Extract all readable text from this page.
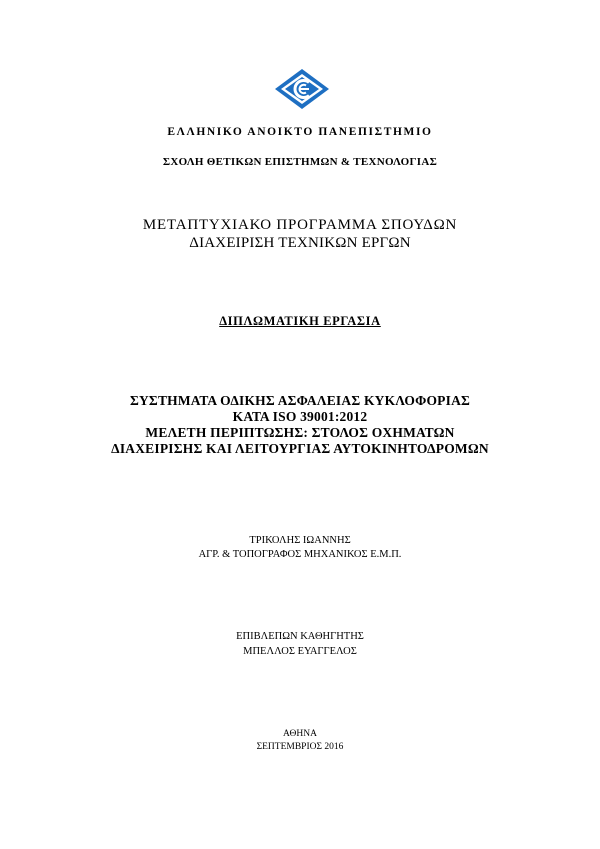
ΕΛΛΗΝΙΚΟ ΑΝΟΙΚΤΟ ΠΑΝΕΠΙΣΤΗΜΙΟ
ΣΧΟΛΗ ΘΕΤΙΚΩΝ ΕΠΙΣΤΗΜΩΝ & ΤΕΧΝΟΛΟΓΙΑΣ
ΜΕΤΑΠΤΥΧΙΑΚΟ ΠΡΟΓΡΑΜΜΑ ΣΠΟΥΔΩΝ
ΔΙΑΧΕΙΡΙΣΗ ΤΕΧΝΙΚΩΝ ΕΡΓΩΝ
ΔΙΠΛΩΜΑΤΙΚΗ ΕΡΓΑΣΙΑ
ΣΥΣΤΗΜΑΤΑ ΟΔΙΚΗΣ ΑΣΦΑΛΕΙΑΣ ΚΥΚΛΟΦΟΡΙΑΣ
ΚΑΤΑ ISO 39001:2012
ΜΕΛΕΤΗ ΠΕΡΙΠΤΩΣΗΣ: ΣΤΟΛΟΣ ΟΧΗΜΑΤΩΝ
ΔΙΑΧΕΙΡΙΣΗΣ ΚΑΙ ΛΕΙΤΟΥΡΓΙΑΣ ΑΥΤΟΚΙΝΗΤΟΔΡΟΜΩΝ
ΤΡΙΚΟΛΗΣ ΙΩΑΝΝΗΣ
ΑΓΡ. & ΤΟΠΟΓΡΑΦΟΣ ΜΗΧΑΝΙΚΟΣ Ε.Μ.Π.
ΕΠΙΒΛΕΠΩΝ ΚΑΘΗΓΗΤΗΣ
ΜΠΕΛΛΟΣ ΕΥΑΓΓΕΛΟΣ
ΑΘΗΝΑ
ΣΕΠΤΕΜΒΡΙΟΣ 2016
